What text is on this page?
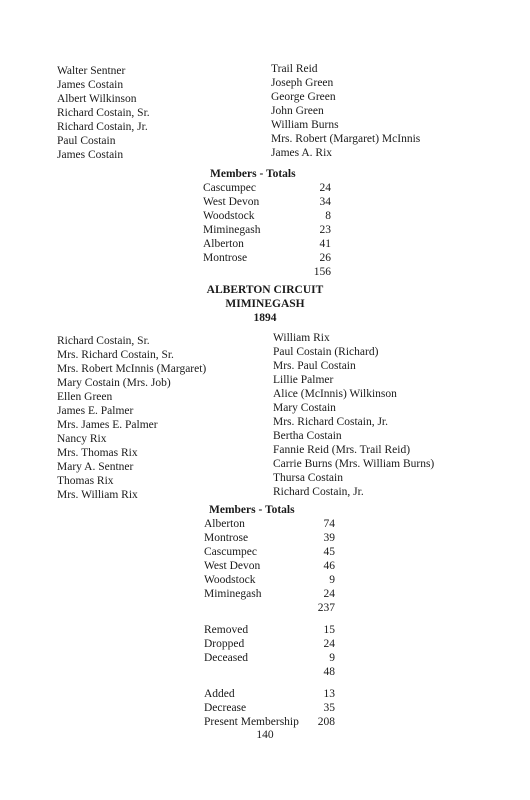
Walter Sentner
James Costain
Albert Wilkinson
Richard Costain, Sr.
Richard Costain, Jr.
Paul Costain
James Costain
Trail Reid
Joseph Green
George Green
John Green
William Burns
Mrs. Robert (Margaret) McInnis
James A. Rix
Members - Totals
Cascumpec	24
West Devon	34
Woodstock	8
Miminegash	23
Alberton	41
Montrose	26
156
ALBERTON CIRCUIT
MIMINEGASH
1894
Richard Costain, Sr.
Mrs. Richard Costain, Sr.
Mrs. Robert McInnis (Margaret)
Mary Costain (Mrs. Job)
Ellen Green
James E. Palmer
Mrs. James E. Palmer
Nancy Rix
Mrs. Thomas Rix
Mary A. Sentner
Thomas Rix
Mrs. William Rix
William Rix
Paul Costain (Richard)
Mrs. Paul Costain
Lillie Palmer
Alice (McInnis) Wilkinson
Mary Costain
Mrs. Richard Costain, Jr.
Bertha Costain
Fannie Reid (Mrs. Trail Reid)
Carrie Burns (Mrs. William Burns)
Thursa Costain
Richard Costain, Jr.
Members - Totals
Alberton	74
Montrose	39
Cascumpec	45
West Devon	46
Woodstock	9
Miminegash	24
237
Removed	15
Dropped	24
Deceased	9
48
Added	13
Decrease	35
Present Membership	208
140
